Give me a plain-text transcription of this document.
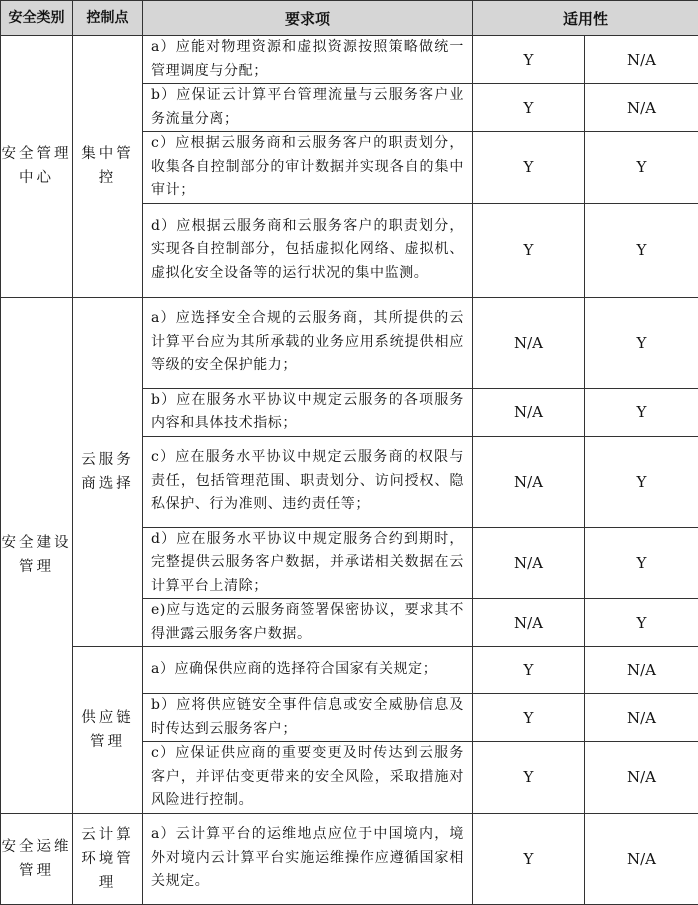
安全类别	控制点	要求项	适用性	
安全管理中心	集中管控	a）应能对物理资源和虚拟资源按照策略做统一管理调度与分配；	Y	N/A
		b）应保证云计算平台管理流量与云服务客户业务流量分离；	Y	N/A
		c）应根据云服务商和云服务客户的职责划分，收集各自控制部分的审计数据并实现各自的集中审计；	Y	Y
		d）应根据云服务商和云服务客户的职责划分，实现各自控制部分，包括虚拟化网络、虚拟机、虚拟化安全设备等的运行状况的集中监测。	Y	Y
安全建设管理	云服务商选择	a）应选择安全合规的云服务商，其所提供的云计算平台应为其所承载的业务应用系统提供相应等级的安全保护能力；	N/A	Y
		b）应在服务水平协议中规定云服务的各项服务内容和具体技术指标；	N/A	Y
		c）应在服务水平协议中规定云服务商的权限与责任，包括管理范围、职责划分、访问授权、隐私保护、行为准则、违约责任等；	N/A	Y
		d）应在服务水平协议中规定服务合约到期时，完整提供云服务客户数据，并承诺相关数据在云计算平台上清除；	N/A	Y
		e)应与选定的云服务商签署保密协议，要求其不得泄露云服务客户数据。	N/A	Y
	供应链管理	a）应确保供应商的选择符合国家有关规定；	Y	N/A
		b）应将供应链安全事件信息或安全威胁信息及时传达到云服务客户；	Y	N/A
		c）应保证供应商的重要变更及时传达到云服务客户，并评估变更带来的安全风险，采取措施对风险进行控制。	Y	N/A
安全运维管理	云计算环境管理	a）云计算平台的运维地点应位于中国境内，境外对境内云计算平台实施运维操作应遵循国家相关规定。	Y	N/A
